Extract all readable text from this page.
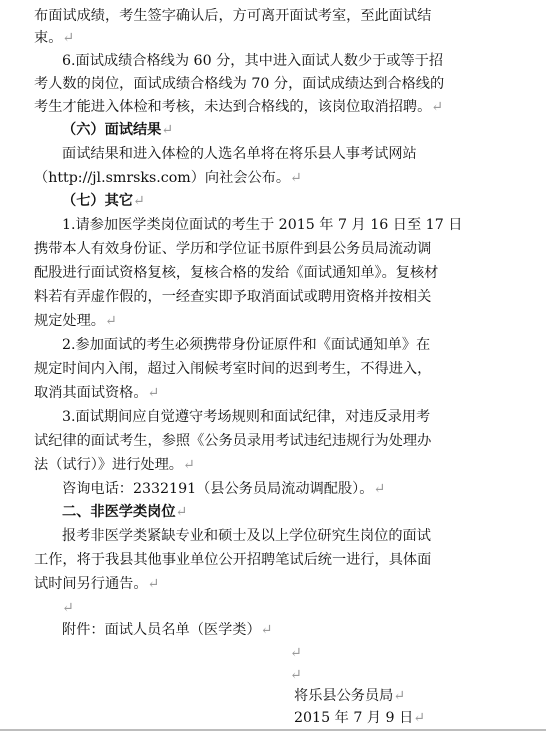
布面试成绩，考生签字确认后，方可离开面试考室，至此面试结
束。↵
6.面试成绩合格线为 60 分，其中进入面试人数少于或等于招
考人数的岗位，面试成绩合格线为 70 分，面试成绩达到合格线的
考生才能进入体检和考核，未达到合格线的，该岗位取消招聘。↵
（六）面试结果↵
面试结果和进入体检的人选名单将在将乐县人事考试网站
（http://jl.smrsks.com）向社会公布。↵
（七）其它↵
1.请参加医学类岗位面试的考生于 2015 年 7 月 16 日至 17 日
携带本人有效身份证、学历和学位证书原件到县公务员局流动调
配股进行面试资格复核，复核合格的发给《面试通知单》。复核材
料若有弄虚作假的，一经查实即予取消面试或聘用资格并按相关
规定处理。↵
2.参加面试的考生必须携带身份证原件和《面试通知单》在
规定时间内入闱，超过入闱候考室时间的迟到考生，不得进入，
取消其面试资格。↵
3.面试期间应自觉遵守考场规则和面试纪律，对违反录用考
试纪律的面试考生，参照《公务员录用考试违纪违规行为处理办
法（试行）》进行处理。↵
咨询电话：2332191（县公务员局流动调配股）。↵
二、非医学类岗位↵
报考非医学类紧缺专业和硕士及以上学位研究生岗位的面试
工作，将于我县其他事业单位公开招聘笔试后统一进行，具体面
试时间另行通告。↵
↵
附件：面试人员名单（医学类）↵
↵
↵
将乐县公务员局↵
2015 年 7 月 9 日↵
